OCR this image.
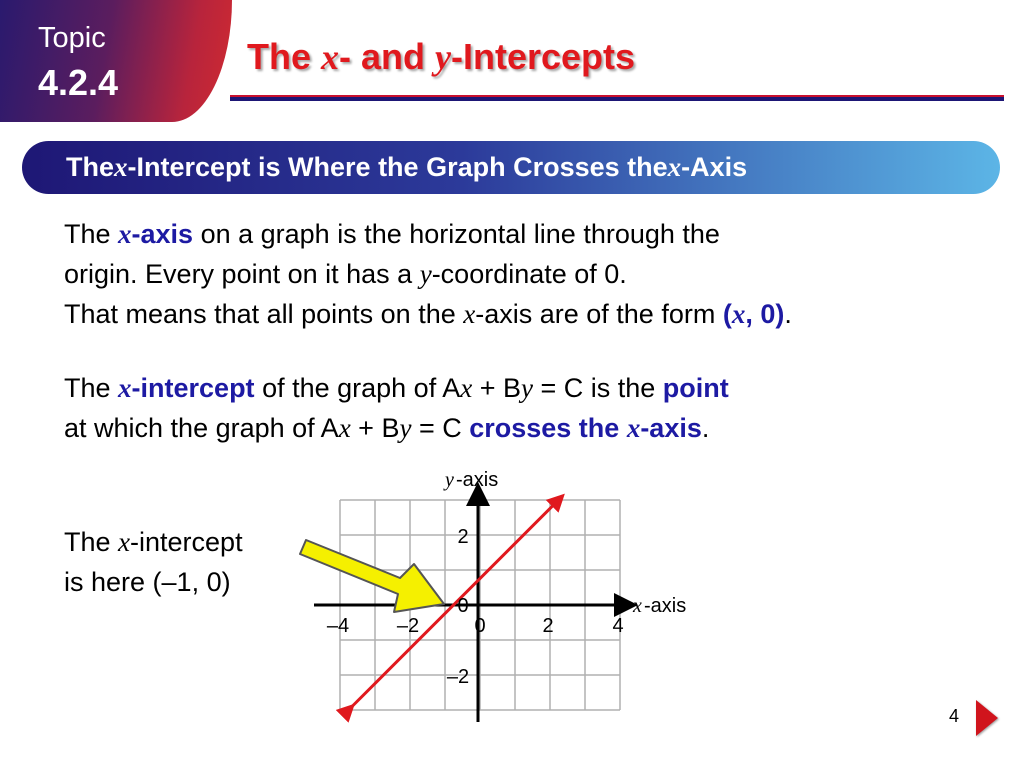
Topic
4.2.4
The x- and y-Intercepts
The x -Intercept is Where the Graph Crosses the x -Axis
The x-axis on a graph is the horizontal line through the
origin. Every point on it has a y-coordinate of 0.
That means that all points on the x-axis are of the form (x, 0).
The x-intercept of the graph of Ax + By = C is the point
at which the graph of Ax + By = C crosses the x-axis.
The x-intercept
is here (–1, 0)
y -axis
x -axis
–4 –2	0	2	4
2
0
–2
4
